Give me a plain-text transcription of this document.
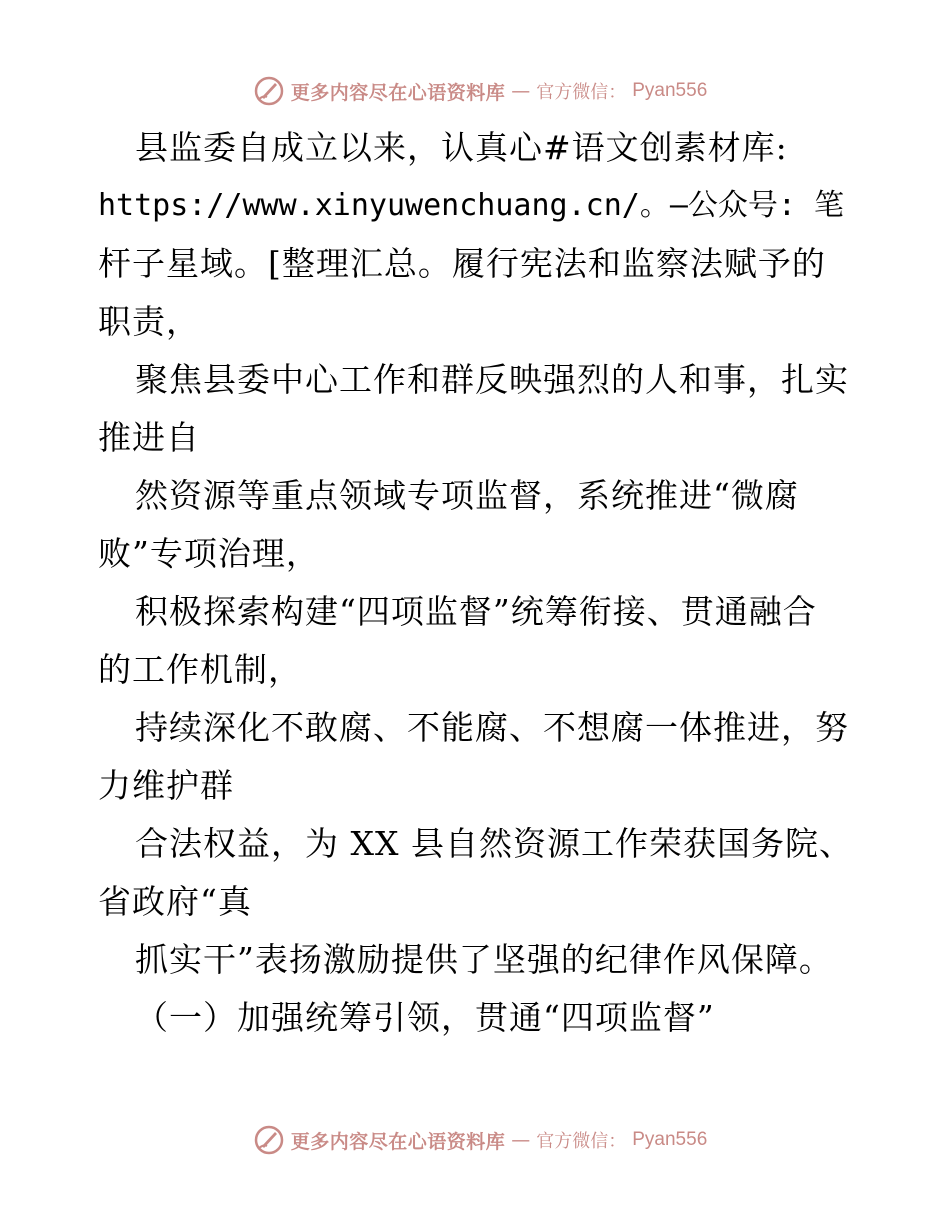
更多内容尽在心语资料库 — 官方微信： Pyan556
县监委自成立以来，认真心#语文创素材库:
https://www.xinyuwenchuang.cn/。—公众号: 笔
杆子星域。[整理汇总。履行宪法和监察法赋予的
职责，
聚焦县委中心工作和群反映强烈的人和事，扎实
推进自
然资源等重点领域专项监督，系统推进“微腐
败”专项治理，
积极探索构建“四项监督”统筹衔接、贯通融合
的工作机制，
持续深化不敢腐、不能腐、不想腐一体推进，努
力维护群
合法权益，为 XX 县自然资源工作荣获国务院、
省政府“真
抓实干”表扬激励提供了坚强的纪律作风保障。
（一）加强统筹引领，贯通“四项监督”
更多内容尽在心语资料库 — 官方微信： Pyan556
